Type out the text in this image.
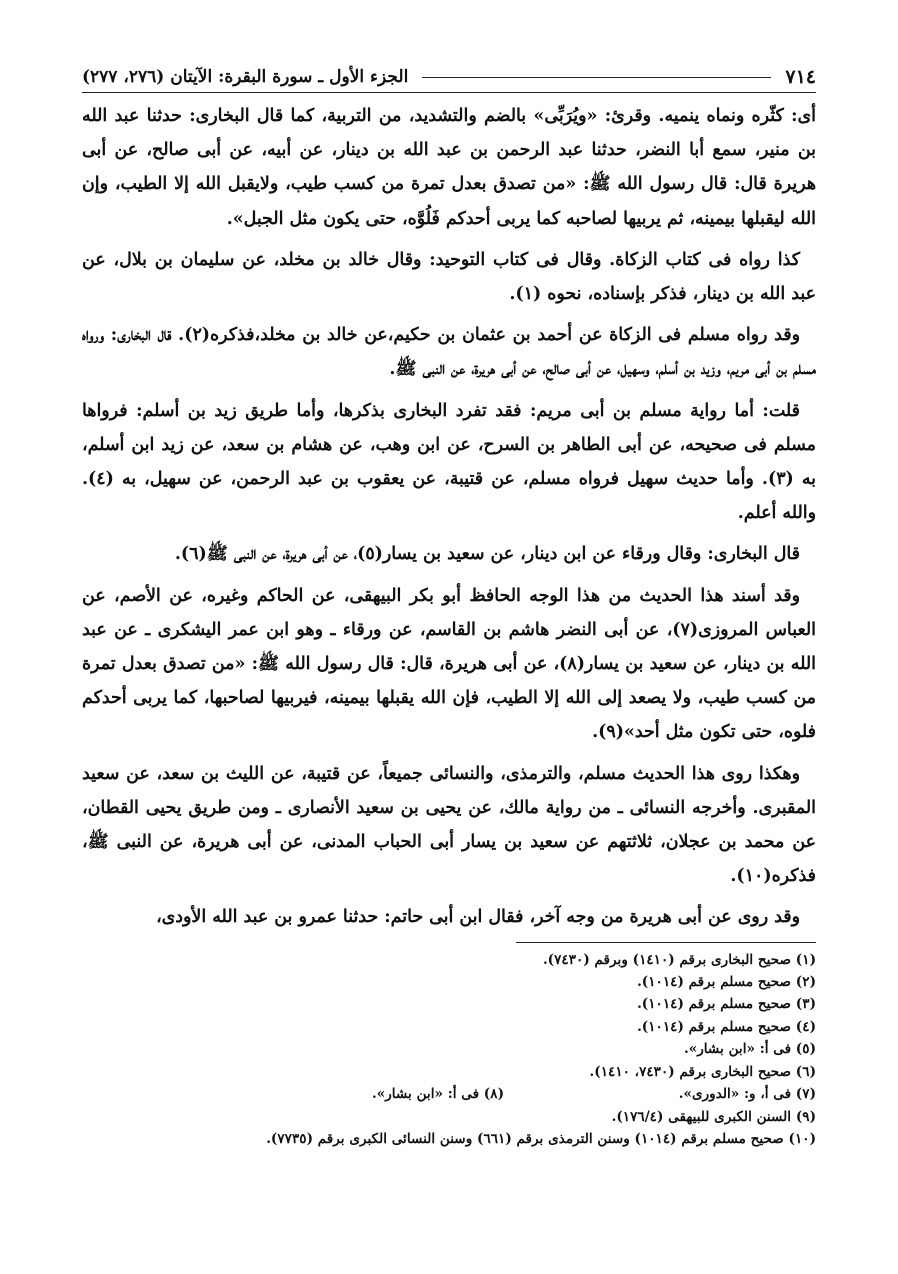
٧١٤
الجزء الأول ـ سورة البقرة: الآيتان (٢٧٦، ٢٧٧)

أى: كثّره ونماه ينميه. وقرئ: «ويُرَبِّى» بالضم والتشديد، من التربية، كما قال البخارى: حدثنا عبد الله بن منير، سمع أبا النضر، حدثنا عبد الرحمن بن عبد الله بن دينار، عن أبيه، عن أبى صالح، عن أبى هريرة قال: قال رسول الله ﷺ: «من تصدق بعدل تمرة من كسب طيب، ولايقبل الله إلا الطيب، وإن الله ليقبلها بيمينه، ثم يربيها لصاحبه كما يربى أحدكم فَلُوَّه، حتى يكون مثل الجبل».

كذا رواه فى كتاب الزكاة. وقال فى كتاب التوحيد: وقال خالد بن مخلد، عن سليمان بن بلال، عن عبد الله بن دينار، فذكر بإسناده، نحوه (١).

وقد رواه مسلم فى الزكاة عن أحمد بن عثمان بن حكيم،عن خالد بن مخلد،فذكره(٢). قال البخارى: ورواه مسلم بن أبى مريم، وزيد بن أسلم، وسهيل، عن أبى صالح، عن أبى هريرة، عن النبى ﷺ.

قلت: أما رواية مسلم بن أبى مريم: فقد تفرد البخارى بذكرها، وأما طريق زيد بن أسلم: فرواها مسلم فى صحيحه، عن أبى الطاهر بن السرح، عن ابن وهب، عن هشام بن سعد، عن زيد ابن أسلم، به (٣). وأما حديث سهيل فرواه مسلم، عن قتيبة، عن يعقوب بن عبد الرحمن، عن سهيل، به (٤). والله أعلم.

قال البخارى: وقال ورقاء عن ابن دينار، عن سعيد بن يسار(٥)، عن أبى هريرة، عن النبى ﷺ(٦).

وقد أسند هذا الحديث من هذا الوجه الحافظ أبو بكر البيهقى، عن الحاكم وغيره، عن الأصم، عن العباس المروزى(٧)، عن أبى النضر هاشم بن القاسم، عن ورقاء ـ وهو ابن عمر اليشكرى ـ عن عبد الله بن دينار، عن سعيد بن يسار(٨)، عن أبى هريرة، قال: قال رسول الله ﷺ: «من تصدق بعدل تمرة من كسب طيب، ولا يصعد إلى الله إلا الطيب، فإن الله يقبلها بيمينه، فيربيها لصاحبها، كما يربى أحدكم فلوه، حتى تكون مثل أحد»(٩).

وهكذا روى هذا الحديث مسلم، والترمذى، والنسائى جميعاً، عن قتيبة، عن الليث بن سعد، عن سعيد المقبرى. وأخرجه النسائى ـ من رواية مالك، عن يحيى بن سعيد الأنصارى ـ ومن طريق يحيى القطان، عن محمد بن عجلان، ثلاثتهم عن سعيد بن يسار أبى الحباب المدنى، عن أبى هريرة، عن النبى ﷺ، فذكره(١٠).

وقد روى عن أبى هريرة من وجه آخر، فقال ابن أبى حاتم: حدثنا عمرو بن عبد الله الأودى،

(١) صحيح البخارى برقم (١٤١٠) وبرقم (٧٤٣٠).
(٢) صحيح مسلم برقم (١٠١٤).
(٣) صحيح مسلم برقم (١٠١٤).
(٤) صحيح مسلم برقم (١٠١٤).
(٥) فى أ: «ابن بشار».
(٦) صحيح البخارى برقم (٧٤٣٠، ١٤١٠).
(٧) فى أ، و: «الدورى».
(٨) فى أ: «ابن بشار».
(٩) السنن الكبرى للبيهقى (١٧٦/٤).
(١٠) صحيح مسلم برقم (١٠١٤) وسنن الترمذى برقم (٦٦١) وسنن النسائى الكبرى برقم (٧٧٣٥).
